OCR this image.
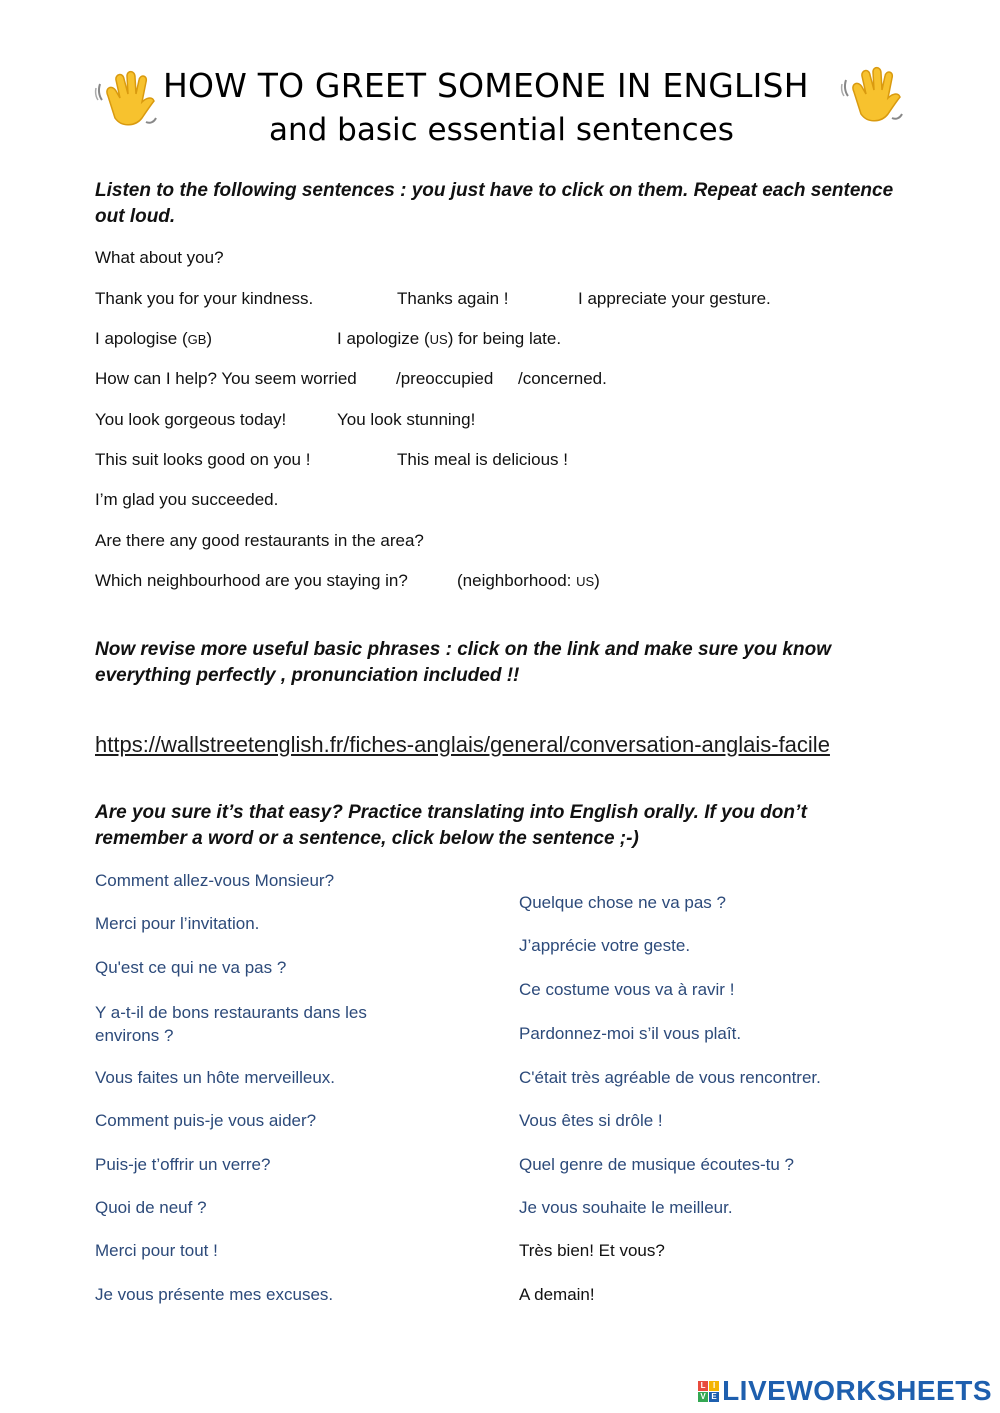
HOW TO GREET SOMEONE IN ENGLISH
and basic essential sentences
Listen to the following sentences : you just have to click on them. Repeat each sentence out loud.
What about you?
Thank you for your kindness.	Thanks again !	I appreciate your gesture.
I apologise (GB)	I apologize (US) for being late.
How can I help? You seem worried /preoccupied /concerned.
You look gorgeous today!	You look stunning!
This suit looks good on you !	This meal is delicious !
I’m glad you succeeded.
Are there any good restaurants in the area?
Which neighbourhood are you staying in?	(neighborhood: US)
Now revise more useful basic phrases : click on the link and make sure you know everything perfectly , pronunciation included !!
https://wallstreetenglish.fr/fiches-anglais/general/conversation-anglais-facile
Are you sure it’s that easy? Practice translating into English orally. If you don’t remember a word or a sentence, click below the sentence ;-)
Comment allez-vous Monsieur?
Merci pour l’invitation.
Qu'est ce qui ne va pas ?
Y a-t-il de bons restaurants dans les environs ?
Vous faites un hôte merveilleux.
Comment puis-je vous aider?
Puis-je t’offrir un verre?
Quoi de neuf ?
Merci pour tout !
Je vous présente mes excuses.
Quelque chose ne va pas ?
J’apprécie votre geste.
Ce costume vous va à ravir !
Pardonnez-moi s’il vous plaît.
C'était très agréable de vous rencontrer.
Vous êtes si drôle !
Quel genre de musique écoutes-tu ?
Je vous souhaite le meilleur.
Très bien! Et vous?
A demain!
L I
V E LIVEWORKSHEETS
